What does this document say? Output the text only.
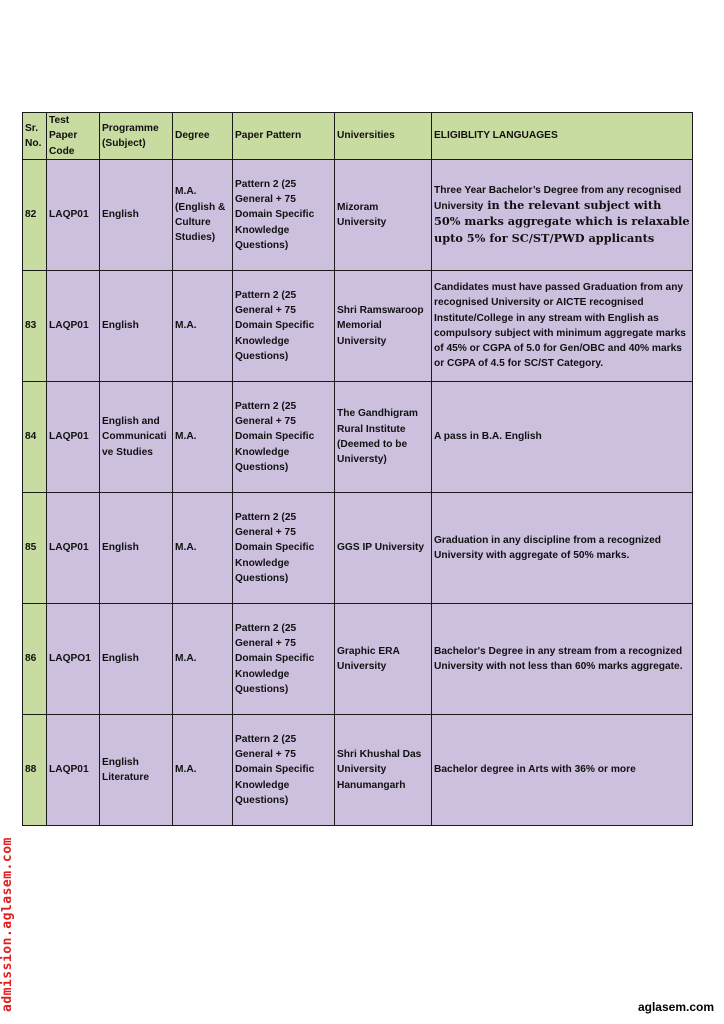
Sr. No.	Test Paper Code	Programme (Subject)	Degree	Paper Pattern	Universities	ELIGIBLITY LANGUAGES
82	LAQP01	English	M.A.(English & Culture Studies)	Pattern 2 (25 General + 75 Domain Specific Knowledge Questions)	Mizoram University	Three Year Bachelor’s Degree from any recognised University in the relevant subject with 50% marks aggregate which is relaxable upto 5% for SC/ST/PWD applicants
83	LAQP01	English	M.A.	Pattern 2 (25 General + 75 Domain Specific Knowledge Questions)	Shri Ramswaroop Memorial University	Candidates must have passed Graduation from any recognised University or AICTE recognised Institute/College in any stream with English as compulsory subject with minimum aggregate marks of 45% or CGPA of 5.0 for Gen/OBC and 40% marks or CGPA of 4.5 for SC/ST Category.
84	LAQP01	English and Communicative Studies	M.A.	Pattern 2 (25 General + 75 Domain Specific Knowledge Questions)	The Gandhigram Rural Institute (Deemed to be Universty)	A pass in B.A. English
85	LAQP01	English	M.A.	Pattern 2 (25 General + 75 Domain Specific Knowledge Questions)	GGS IP University	Graduation in any discipline from a recognized University with aggregate of 50% marks.
86	LAQPO1	English	M.A.	Pattern 2 (25 General + 75 Domain Specific Knowledge Questions)	Graphic ERA University	Bachelor's Degree in any stream from a recognized University with not less than 60% marks aggregate.
88	LAQP01	English Literature	M.A.	Pattern 2 (25 General + 75 Domain Specific Knowledge Questions)	Shri Khushal Das University Hanumangarh	Bachelor degree in Arts with 36% or more
admission.aglasem.com	aglasem.com
